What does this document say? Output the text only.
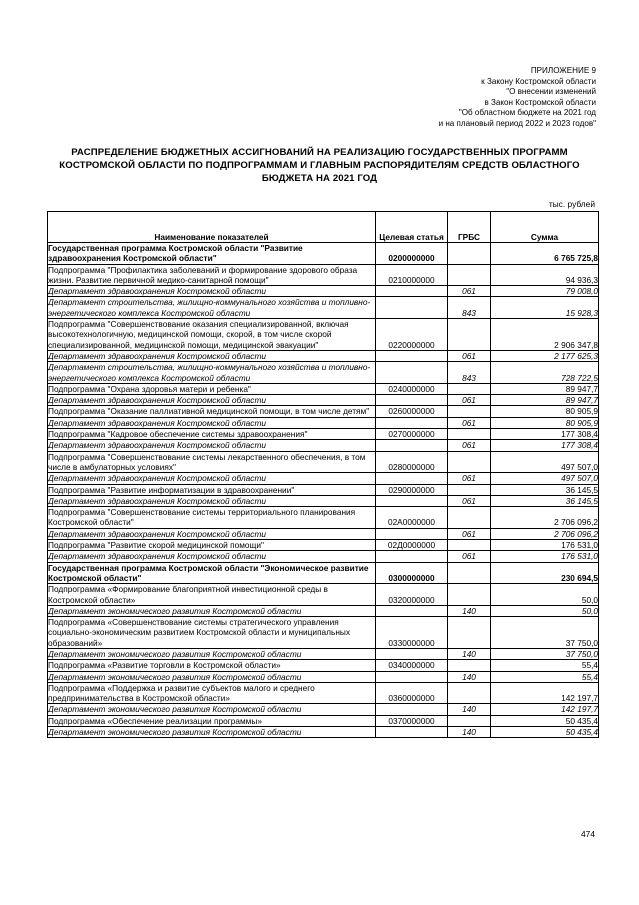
ПРИЛОЖЕНИЕ 9
к Закону Костромской области
"О внесении изменений
в Закон Костромской области
"Об областном бюджете на 2021 год
и на плановый период 2022 и 2023 годов"
РАСПРЕДЕЛЕНИЕ БЮДЖЕТНЫХ АССИГНОВАНИЙ НА РЕАЛИЗАЦИЮ ГОСУДАРСТВЕННЫХ ПРОГРАММ КОСТРОМСКОЙ ОБЛАСТИ ПО ПОДПРОГРАММАМ И ГЛАВНЫМ РАСПОРЯДИТЕЛЯМ СРЕДСТВ ОБЛАСТНОГО БЮДЖЕТА НА 2021 ГОД
тыс. рублей
Наименование показателей	Целевая статья	ГРБС	Сумма
Государственная программа Костромской области "Развитие здравоохранения Костромской области"	0200000000		6 765 725,8
Подпрограмма "Профилактика заболеваний и формирование здорового образа жизни. Развитие первичной медико-санитарной помощи"	0210000000		94 936,3
Департамент здравоохранения Костромской области		061	79 008,0
Департамент строительства, жилищно-коммунального хозяйства и топливно-энергетического комплекса Костромской области		843	15 928,3
Подпрограмма "Совершенствование оказания специализированной, включая высокотехнологичную, медицинской помощи, скорой, в том числе скорой специализированной, медицинской помощи, медицинской эвакуации"	0220000000		2 906 347,8
Департамент здравоохранения Костромской области		061	2 177 625,3
Департамент строительства, жилищно-коммунального хозяйства и топливно-энергетического комплекса Костромской области		843	728 722,5
Подпрограмма "Охрана здоровья матери и ребенка"	0240000000		89 947,7
Департамент здравоохранения Костромской области		061	89 947,7
Подпрограмма "Оказание паллиативной медицинской помощи, в том числе детям"	0260000000		80 905,9
Департамент здравоохранения Костромской области		061	80 905,9
Подпрограмма "Кадровое обеспечение системы здравоохранения"	0270000000		177 308,4
Департамент здравоохранения Костромской области		061	177 308,4
Подпрограмма "Совершенствование системы лекарственного обеспечения, в том числе в амбулаторных условиях"	0280000000		497 507,0
Департамент здравоохранения Костромской области		061	497 507,0
Подпрограмма "Развитие информатизации в здравоохранении"	0290000000		36 145,5
Департамент здравоохранения Костромской области		061	36 145,5
Подпрограмма "Совершенствование системы территориального планирования Костромской области"	02А0000000		2 706 096,2
Департамент здравоохранения Костромской области		061	2 706 096,2
Подпрограмма "Развитие скорой медицинской помощи"	02Д0000000		176 531,0
Департамент здравоохранения Костромской области		061	176 531,0
Государственная программа Костромской области "Экономическое развитие Костромской области"	0300000000		230 694,5
Подпрограмма «Формирование благоприятной инвестиционной среды в Костромской области»	0320000000		50,0
Департамент экономического развития Костромской области		140	50,0
Подпрограмма «Совершенствование системы стратегического управления социально-экономическим развитием Костромской области и муниципальных образований»	0330000000		37 750,0
Департамент экономического развития Костромской области		140	37 750,0
Подпрограмма «Развитие торговли в Костромской области»	0340000000		55,4
Департамент экономического развития Костромской области		140	55,4
Подпрограмма «Поддержка и развитие субъектов малого и среднего предпринимательства в Костромской области»	0360000000		142 197,7
Департамент экономического развития Костромской области		140	142 197,7
Подпрограмма «Обеспечение реализации программы»	0370000000		50 435,4
Департамент экономического развития Костромской области		140	50 435,4
474
